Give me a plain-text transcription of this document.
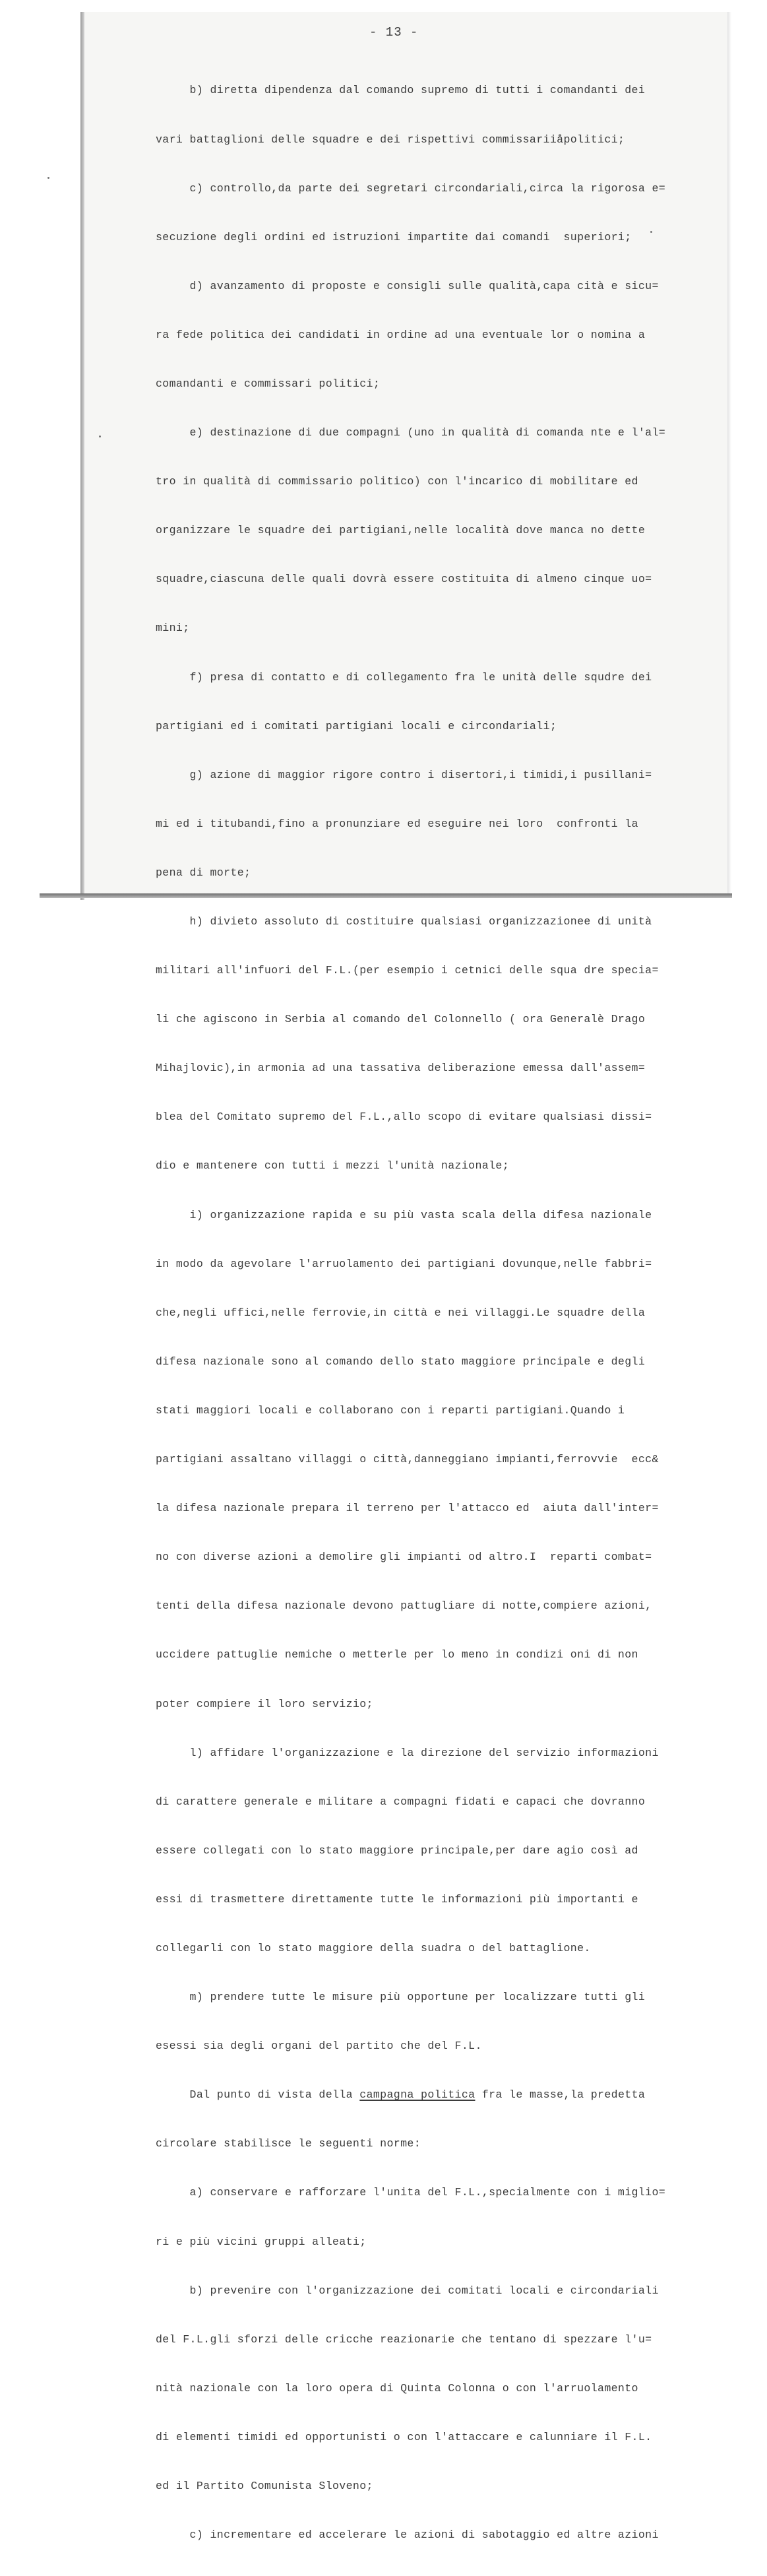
- 13 -

b) diretta dipendenza dal comando supremo di tutti i comandanti dei

vari battaglioni delle squadre e dei rispettivi commissariiåpolitici;

c) controllo,da parte dei segretari circondariali,circa la rigorosa e=

secuzione degli ordini ed istruzioni impartite dai comandi  superiori;

d) avanzamento di proposte e consigli sulle qualità,capa cità e sicu=

ra fede politica dei candidati in ordine ad una eventuale lor o nomina a

comandanti e commissari politici;

e) destinazione di due compagni (uno in qualità di comanda nte e l'al=

tro in qualità di commissario politico) con l'incarico di mobilitare ed

organizzare le squadre dei partigiani,nelle località dove manca no dette

squadre,ciascuna delle quali dovrà essere costituita di almeno cinque uo=

mini;

f) presa di contatto e di collegamento fra le unità delle squdre dei

partigiani ed i comitati partigiani locali e circondariali;

g) azione di maggior rigore contro i disertori,i timidi,i pusillani=

mi ed i titubandi,fino a pronunziare ed eseguire nei loro  confronti la

pena di morte;

h) divieto assoluto di costituire qualsiasi organizzazionee di unità

militari all'infuori del F.L.(per esempio i cetnici delle squa dre specia=

li che agiscono in Serbia al comando del Colonnello ( ora Generalè Drago

Mihajlovic),in armonia ad una tassativa deliberazione emessa dall'assem=

blea del Comitato supremo del F.L.,allo scopo di evitare qualsiasi dissi=

dio e mantenere con tutti i mezzi l'unità nazionale;

i) organizzazione rapida e su più vasta scala della difesa nazionale

in modo da agevolare l'arruolamento dei partigiani dovunque,nelle fabbri=

che,negli uffici,nelle ferrovie,in città e nei villaggi.Le squadre della

difesa nazionale sono al comando dello stato maggiore principale e degli

stati maggiori locali e collaborano con i reparti partigiani.Quando i

partigiani assaltano villaggi o città,danneggiano impianti,ferrovvie  ecc&

la difesa nazionale prepara il terreno per l'attacco ed  aiuta dall'inter=

no con diverse azioni a demolire gli impianti od altro.I  reparti combat=

tenti della difesa nazionale devono pattugliare di notte,compiere azioni,

uccidere pattuglie nemiche o metterle per lo meno in condizi oni di non

poter compiere il loro servizio;

l) affidare l'organizzazione e la direzione del servizio informazioni

di carattere generale e militare a compagni fidati e capaci che dovranno

essere collegati con lo stato maggiore principale,per dare agio così ad

essi di trasmettere direttamente tutte le informazioni più importanti e

collegarli con lo stato maggiore della suadra o del battaglione.

m) prendere tutte le misure più opportune per localizzare tutti gli

esessi sia degli organi del partito che del F.L.

Dal punto di vista della campagna politica fra le masse,la predetta

circolare stabilisce le seguenti norme:

a) conservare e rafforzare l'unita del F.L.,specialmente con i miglio=

ri e più vicini gruppi alleati;

b) prevenire con l'organizzazione dei comitati locali e circondariali

del F.L.gli sforzi delle cricche reazionarie che tentano di spezzare l'u=

nità nazionale con la loro opera di Quinta Colonna o con l'arruolamento

di elementi timidi ed opportunisti o con l'attaccare e calunniare il F.L.

ed il Partito Comunista Sloveno;

c) incrementare ed accelerare le azioni di sabotaggio ed altre azioni
